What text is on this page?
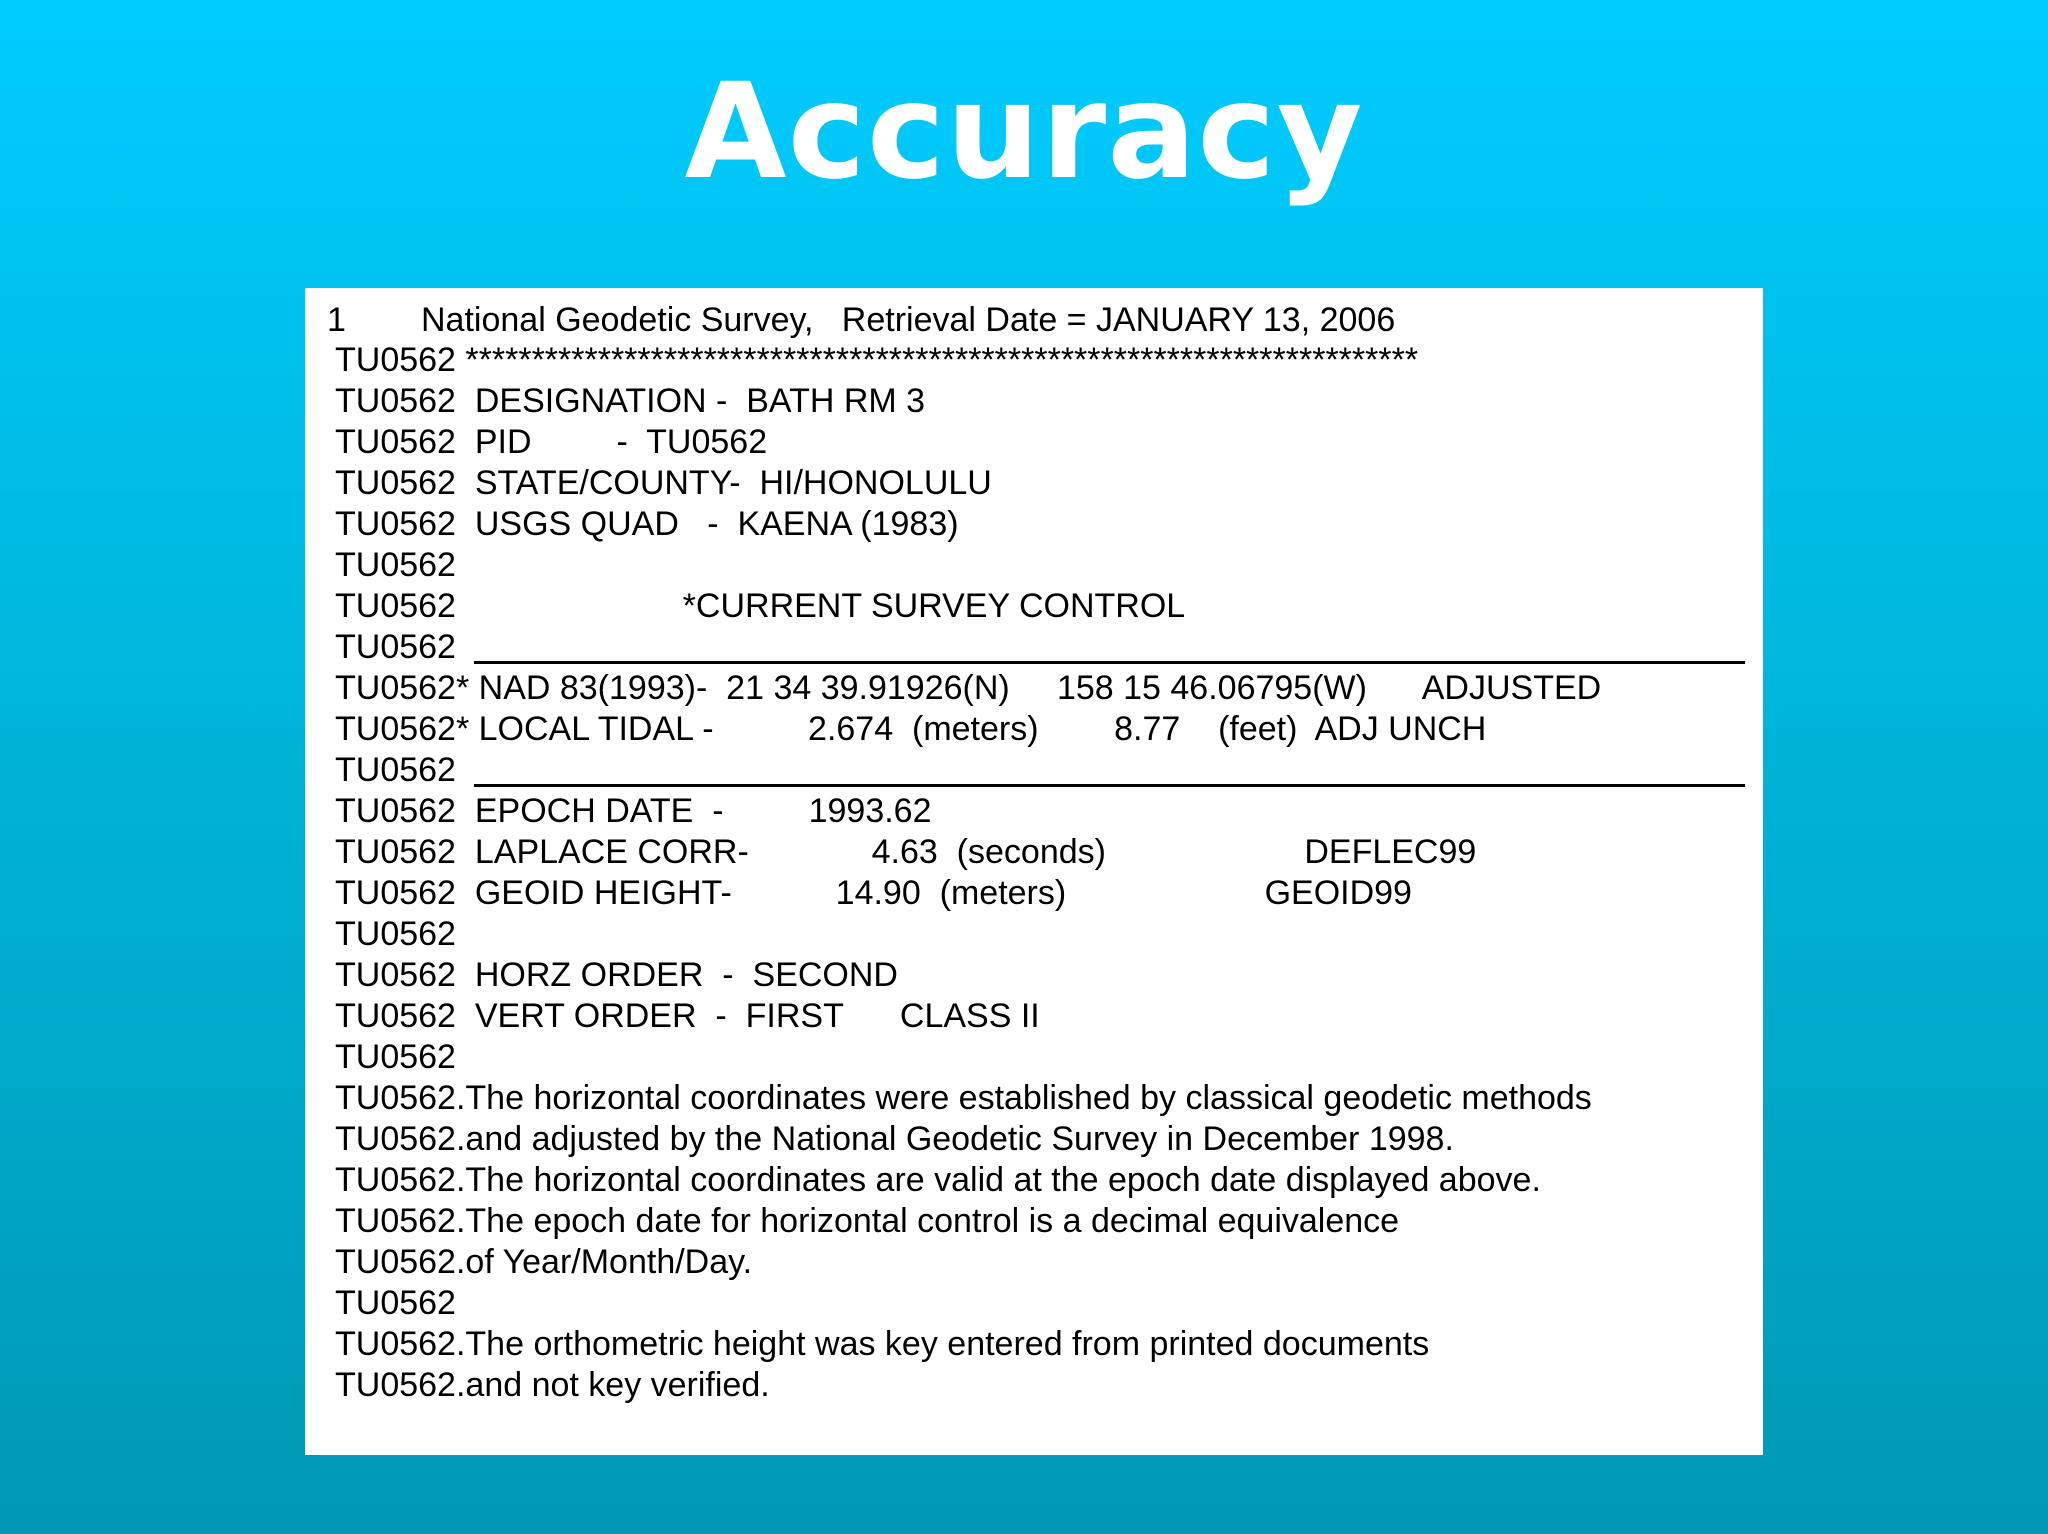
Accuracy
1 National Geodetic Survey,   Retrieval Date = JANUARY 13, 2006
TU0562 ************************************************************************
TU0562  DESIGNATION -  BATH RM 3
TU0562  PID         -  TU0562
TU0562  STATE/COUNTY-  HI/HONOLULU
TU0562  USGS QUAD   -  KAENA (1983)
TU0562
TU0562                        *CURRENT SURVEY CONTROL
TU0562
TU0562* NAD 83(1993)-  21 34 39.91926(N)     158 15 46.06795(W)      ADJUSTED
TU0562* LOCAL TIDAL -          2.674  (meters)        8.77    (feet)  ADJ UNCH
TU0562
TU0562  EPOCH DATE  -         1993.62
TU0562  LAPLACE CORR-             4.63  (seconds)                     DEFLEC99
TU0562  GEOID HEIGHT-           14.90  (meters)                     GEOID99
TU0562
TU0562  HORZ ORDER  -  SECOND
TU0562  VERT ORDER  -  FIRST      CLASS II
TU0562
TU0562.The horizontal coordinates were established by classical geodetic methods
TU0562.and adjusted by the National Geodetic Survey in December 1998.
TU0562.The horizontal coordinates are valid at the epoch date displayed above.
TU0562.The epoch date for horizontal control is a decimal equivalence
TU0562.of Year/Month/Day.
TU0562
TU0562.The orthometric height was key entered from printed documents
TU0562.and not key verified.
